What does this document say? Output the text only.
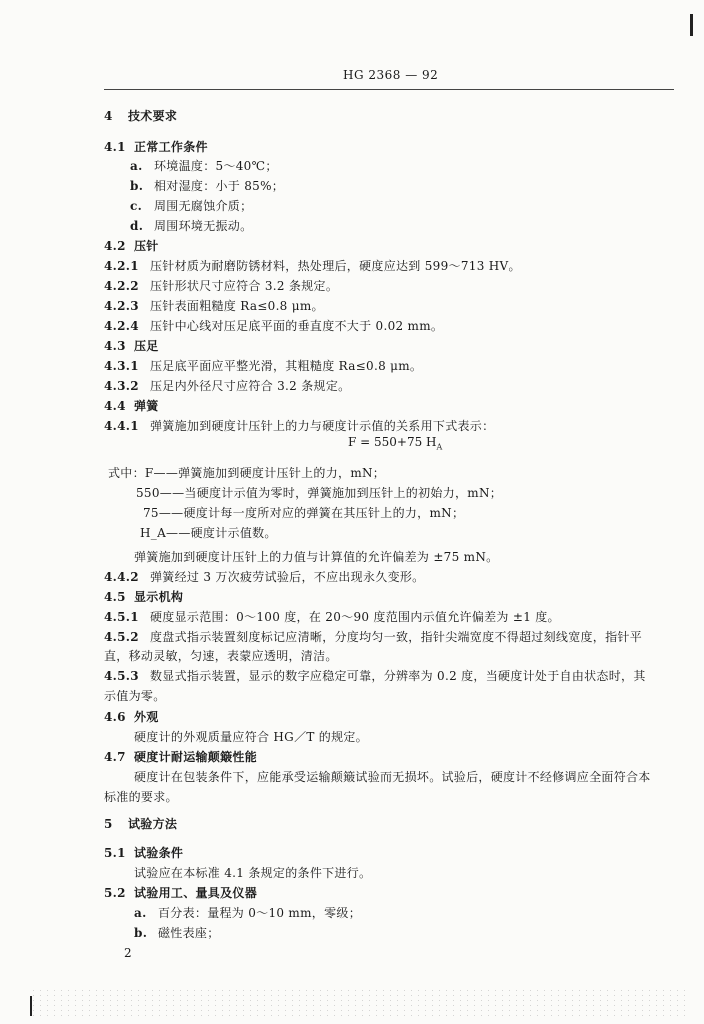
HG 2368 — 92
4 技术要求
4.1 正常工作条件
a. 环境温度：5～40℃；
b. 相对湿度：小于 85%；
c. 周围无腐蚀介质；
d. 周围环境无振动。
4.2 压针
4.2.1 压针材质为耐磨防锈材料，热处理后，硬度应达到 599～713 HV。
4.2.2 压针形状尺寸应符合 3.2 条规定。
4.2.3 压针表面粗糙度 Ra≤0.8 μm。
4.2.4 压针中心线对压足底平面的垂直度不大于 0.02 mm。
4.3 压足
4.3.1 压足底平面应平整光滑，其粗糙度 Ra≤0.8 μm。
4.3.2 压足内外径尺寸应符合 3.2 条规定。
4.4 弹簧
4.4.1 弹簧施加到硬度计压针上的力与硬度计示值的关系用下式表示：
式中：F——弹簧施加到硬度计压针上的力，mN；
550——当硬度计示值为零时，弹簧施加到压针上的初始力，mN；
75——硬度计每一度所对应的弹簧在其压针上的力，mN；
H_A——硬度计示值数。
弹簧施加到硬度计压针上的力值与计算值的允许偏差为 ±75 mN。
4.4.2 弹簧经过 3 万次疲劳试验后，不应出现永久变形。
4.5 显示机构
4.5.1 硬度显示范围：0～100 度，在 20～90 度范围内示值允许偏差为 ±1 度。
4.5.2 度盘式指示装置刻度标记应清晰，分度均匀一致，指针尖端宽度不得超过刻线宽度，指针平
直，移动灵敏，匀速，表蒙应透明，清洁。
4.5.3 数显式指示装置，显示的数字应稳定可靠，分辨率为 0.2 度，当硬度计处于自由状态时，其
示值为零。
4.6 外观
硬度计的外观质量应符合 HG／T 的规定。
4.7 硬度计耐运输颠簸性能
硬度计在包装条件下，应能承受运输颠簸试验而无损坏。试验后，硬度计不经修调应全面符合本
标准的要求。
5 试验方法
5.1 试验条件
试验应在本标准 4.1 条规定的条件下进行。
5.2 试验用工、量具及仪器
a. 百分表：量程为 0～10 mm，零级；
b. 磁性表座；
F = 550+75 $H_A$
2
